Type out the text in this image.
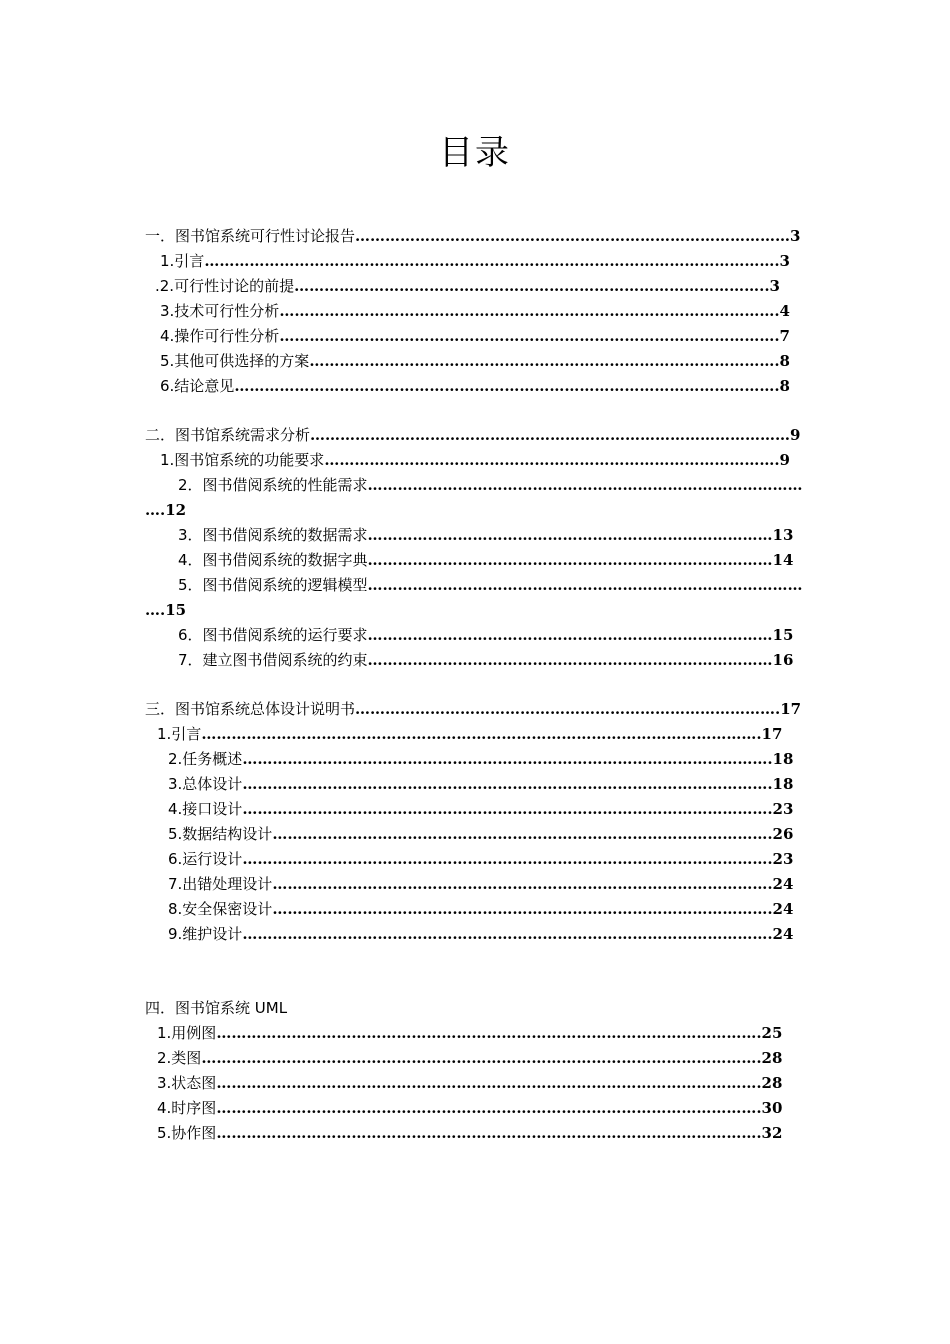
目录
一．图书馆系统可行性讨论报告……………………………………………………………………………3
1.引言…………………………………………………………………………………………………….3
.2.可行性讨论的前提…………………………………………………………………………………..3
3.技术可行性分析……………………………………………………………………………………….4
4.操作可行性分析……………………………………………………………………………………….7
5.其他可供选择的方案………………………………………………………………………………….8
6.结论意见……………………………………………………………………………………………….8
二．图书馆系统需求分析……………………………………………………………………………………9
1.图书馆系统的功能要求……………………………………………………………………………….9
2．图书借阅系统的性能需求……………………………………………………………………………
….12
3．图书借阅系统的数据需求………………………………………………………………………13
4．图书借阅系统的数据字典………………………………………………………………………14
5．图书借阅系统的逻辑模型……………………………………………………………………………
….15
6．图书借阅系统的运行要求………………………………………………………………………15
7．建立图书借阅系统的约束………………………………………………………………………16
三．图书馆系统总体设计说明书………………………………………………………………………….17
1.引言………………………………………………………………………………………………….17
2.任务概述…………………………………………………………………………………………….18
3.总体设计…………………………………………………………………………………………….18
4.接口设计…………………………………………………………………………………………….23
5.数据结构设计……………………………………………………………………………………….26
6.运行设计…………………………………………………………………………………………….23
7.出错处理设计……………………………………………………………………………………….24
8.安全保密设计……………………………………………………………………………………….24
9.维护设计…………………………………………………………………………………………….24
四．图书馆系统 UML
1.用例图……………………………………………………………………………………………….25
2.类图………………………………………………………………………………………………….28
3.状态图……………………………………………………………………………………………….28
4.时序图……………………………………………………………………………………………….30
5.协作图……………………………………………………………………………………………….32
